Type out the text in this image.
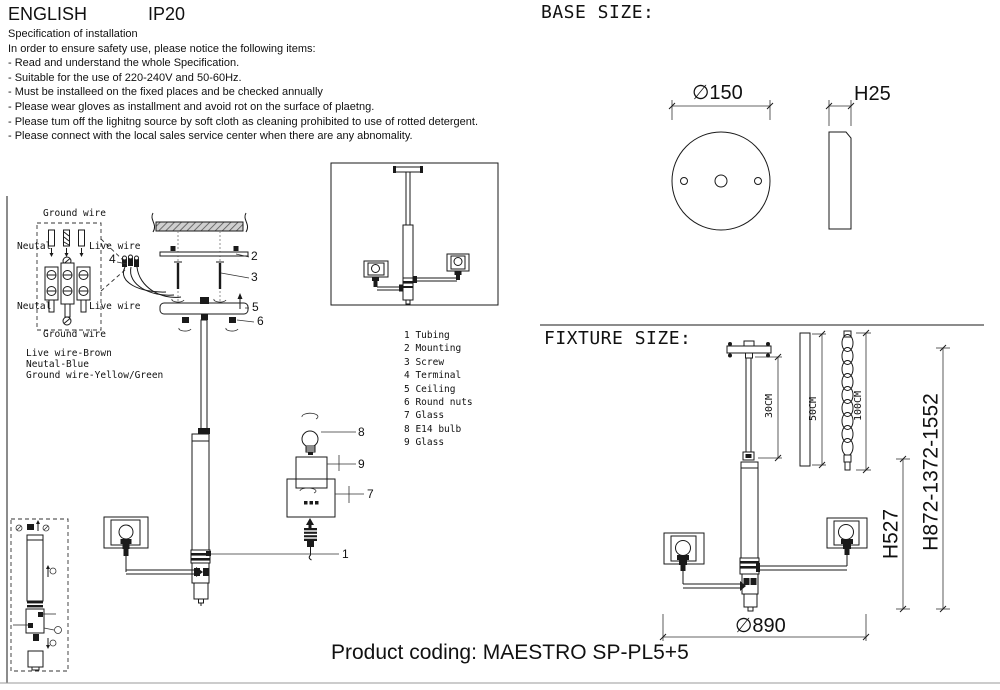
ENGLISH	IP20
Specification of installation
In order to ensure safety use, please notice the following items:
- Read and understand the whole Specification.
- Suitable for the use of 220-240V and 50-60Hz.
- Must be installeed on the fixed places and be checked annually
- Please wear gloves as installment and avoid rot on the surface of plaetng.
- Please tum off the lighitng source by soft cloth as cleaning prohibited to use of rotted detergent.
- Please connect with the local sales service center when there are any abnomality.
Ground wire
Neutal	Live wire
Neutal	Live wire
Ground wire
Live wire-Brown
Neutal-Blue
Ground wire-Yellow/Green
4	2
3
5
6
8
9
7
1
1 Tubing
2 Mounting
3 Screw
4 Terminal
5 Ceiling
6 Round nuts
7 Glass
8 E14 bulb
9 Glass
BASE SIZE:
∅150	H25
FIXTURE SIZE:
30CM	50CM	100CM
H527 H872-1372-1552
∅890
Product coding: MAESTRO SP-PL5+5
